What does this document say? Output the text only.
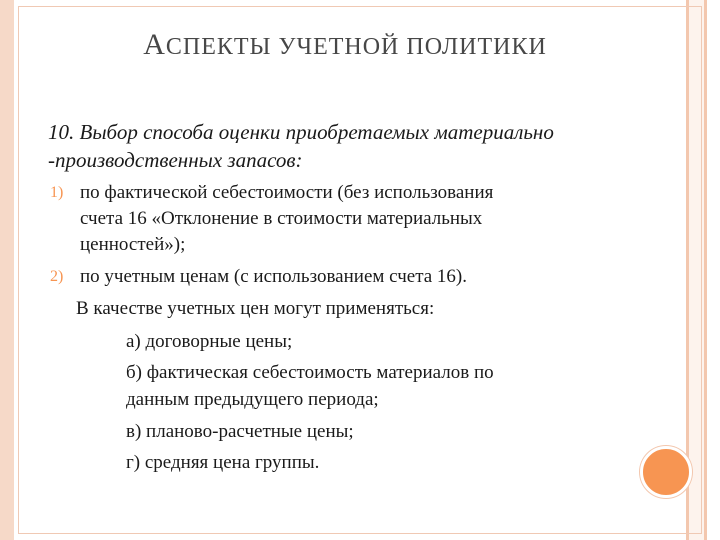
АСПЕКТЫ УЧЕТНОЙ ПОЛИТИКИ
10. Выбор способа оценки приобретаемых материально
-производственных запасов:
1) по фактической себестоимости (без использования
счета 16 «Отклонение в стоимости материальных
ценностей»);
2) по учетным ценам (с использованием счета 16).
В качестве учетных цен могут применяться:
а) договорные цены;
б) фактическая себестоимость материалов по
данным предыдущего периода;
в) планово-расчетные цены;
г) средняя цена группы.
